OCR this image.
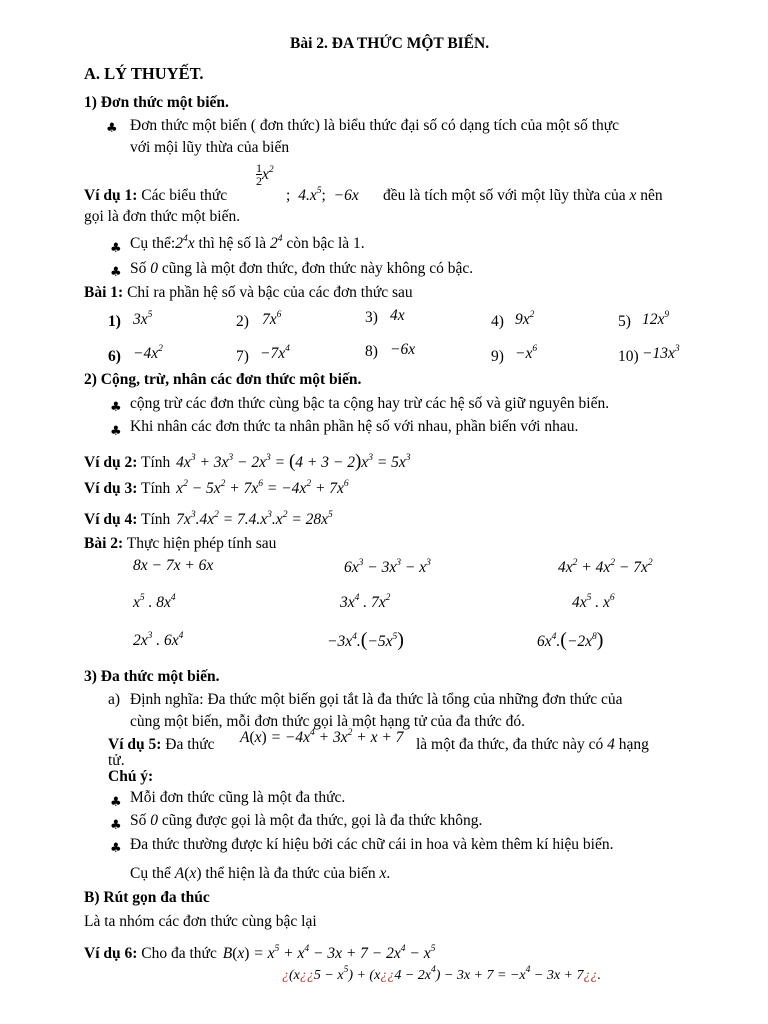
Bài 2. ĐA THỨC MỘT BIẾN.
A. LÝ THUYẾT.
1) Đơn thức một biến.
♣ Đơn thức một biến ( đơn thức) là biểu thức đại số có dạng tích của một số thực
với mội lũy thừa của biến
Ví dụ 1: Các biểu thức
$\frac{1}{2} x^2$
; $4.x^5$; −6x đều là tích một số với một lũy thừa của x nên
gọi là đơn thức một biến.
♣ Cụ $thể:2^4x$ thì hệ số là $2^4$ còn bậc là 1.
♣ Số 0 cũng là một đơn thức, đơn thức này không có bậc.
Bài 1: Chỉ ra phần hệ số và bậc của các đơn thức sau
1) $3x^5$	2) $7x^6$	3) 4x	4) $9x^2$	5) $12x^9$
$6) -4x^2$	$7) -7x^4$	8) −6x	$9) -x^6$	$10) -13x^3$
2) Cộng, trừ, nhân các đơn thức một biến.
♣ cộng trừ các đơn thức cùng bậc ta cộng hay trừ các hệ số và giữ nguyên biến.
♣ Khi nhân các đơn thức ta nhân phần hệ số với nhau, phần biến với nhau.
Ví dụ 2: Tính $4x^3 + 3x^3 - 2x^3 = (4 + 3 - 2)x^3 = 5x^3$
Ví dụ 3: Tính $x^2 - 5x^2 + 7x^6 = -4x^2 + 7x^6$
Ví dụ 4: Tính $7x^3.4x^2 = 7.4.x^3.x^2 = 28x^5$
Bài 2: Thực hiện phép tính sau
8x − 7x + 6x	$6x^3 - 3x^3 - x^3$	$4x^2 + 4x^2 - 7x^2$
$x^5$ . $8x^4$	$3x^4$ . $7x^2$	$4x^5$ . $x^6$
$2x^3$ . $6x^4$	$-3x^4.(-5x^5)$	$6x^4.(-2x^8)$
3) Đa thức một biến.
a) Định nghĩa: Đa thức một biến gọi tắt là đa thức là tổng của những đơn thức của
cùng một biến, mỗi đơn thức gọi là một hạng tử của đa thức đó.
Ví dụ 5: Đa thức $A(x) = -4x^4 + 3x^2 + x + 7$ là một đa thức, đa thức này có 4 hạng
tử.
Chú ý:
♣ Mỗi đơn thức cũng là một đa thức.
♣ Số 0 cũng được gọi là một đa thức, gọi là đa thức không.
♣ Đa thức thường được kí hiệu bởi các chữ cái in hoa và kèm thêm kí hiệu biến.
Cụ thể A(x) thể hiện là đa thức của biến x.
B) Rút gọn đa thúc
Là ta nhóm các đơn thức cùng bậc lại
Ví dụ 6: Cho đa thức $B(x) = x^5 + x^4 - 3x + 7 - 2x^4 - x^5$
¿(x¿¿5 − $x^5$) + (x¿¿4 − $2x^4) - 3x + 7 = -x^4 - 3x$ + 7¿¿.
